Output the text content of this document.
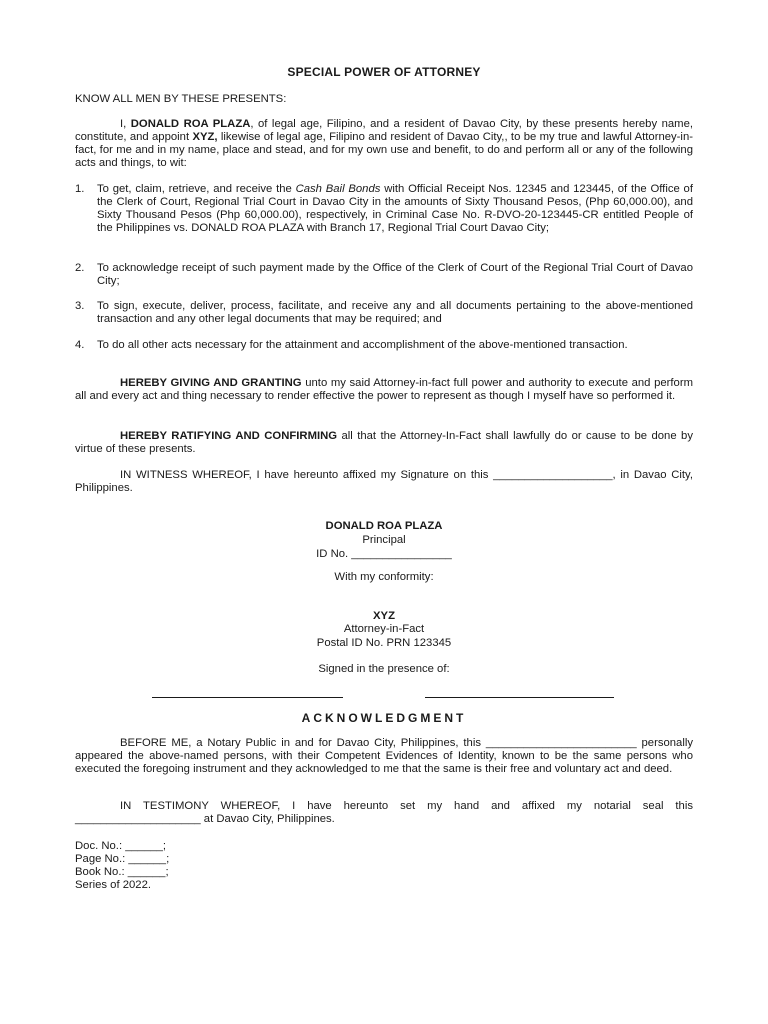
SPECIAL POWER OF ATTORNEY

KNOW ALL MEN BY THESE PRESENTS:

I, DONALD ROA PLAZA, of legal age, Filipino, and a resident of Davao City, by these presents hereby name, constitute, and appoint XYZ, likewise of legal age, Filipino and resident of Davao City,, to be my true and lawful Attorney-in-fact, for me and in my name, place and stead, and for my own use and benefit, to do and perform all or any of the following acts and things, to wit:

1. To get, claim, retrieve, and receive the Cash Bail Bonds with Official Receipt Nos. 12345 and 123445, of the Office of the Clerk of Court, Regional Trial Court in Davao City in the amounts of Sixty Thousand Pesos, (Php 60,000.00), and Sixty Thousand Pesos (Php 60,000.00), respectively, in Criminal Case No. R-DVO-20-123445-CR entitled People of the Philippines vs. DONALD ROA PLAZA with Branch 17, Regional Trial Court Davao City;
2. To acknowledge receipt of such payment made by the Office of the Clerk of Court of the Regional Trial Court of Davao City;
3. To sign, execute, deliver, process, facilitate, and receive any and all documents pertaining to the above-mentioned transaction and any other legal documents that may be required; and
4. To do all other acts necessary for the attainment and accomplishment of the above-mentioned transaction.

HEREBY GIVING AND GRANTING unto my said Attorney-in-fact full power and authority to execute and perform all and every act and thing necessary to render effective the power to represent as though I myself have so performed it.

HEREBY RATIFYING AND CONFIRMING all that the Attorney-In-Fact shall lawfully do or cause to be done by virtue of these presents.

IN WITNESS WHEREOF, I have hereunto affixed my Signature on this ___________________, in Davao City, Philippines.

DONALD ROA PLAZA

Principal

ID No. ________________

With my conformity:

XYZ

Attorney-in-Fact

Postal ID No. PRN 123345

Signed in the presence of:

ACKNOWLEDGMENT

BEFORE ME, a Notary Public in and for Davao City, Philippines, this ________________________ personally appeared the above-named persons, with their Competent Evidences of Identity, known to be the same persons who executed the foregoing instrument and they acknowledged to me that the same is their free and voluntary act and deed.

IN TESTIMONY WHEREOF, I have hereunto set my hand and affixed my notarial seal this ____________________ at Davao City, Philippines.

Doc. No.: ______;
Page No.: ______;
Book No.: ______;
Series of 2022.
